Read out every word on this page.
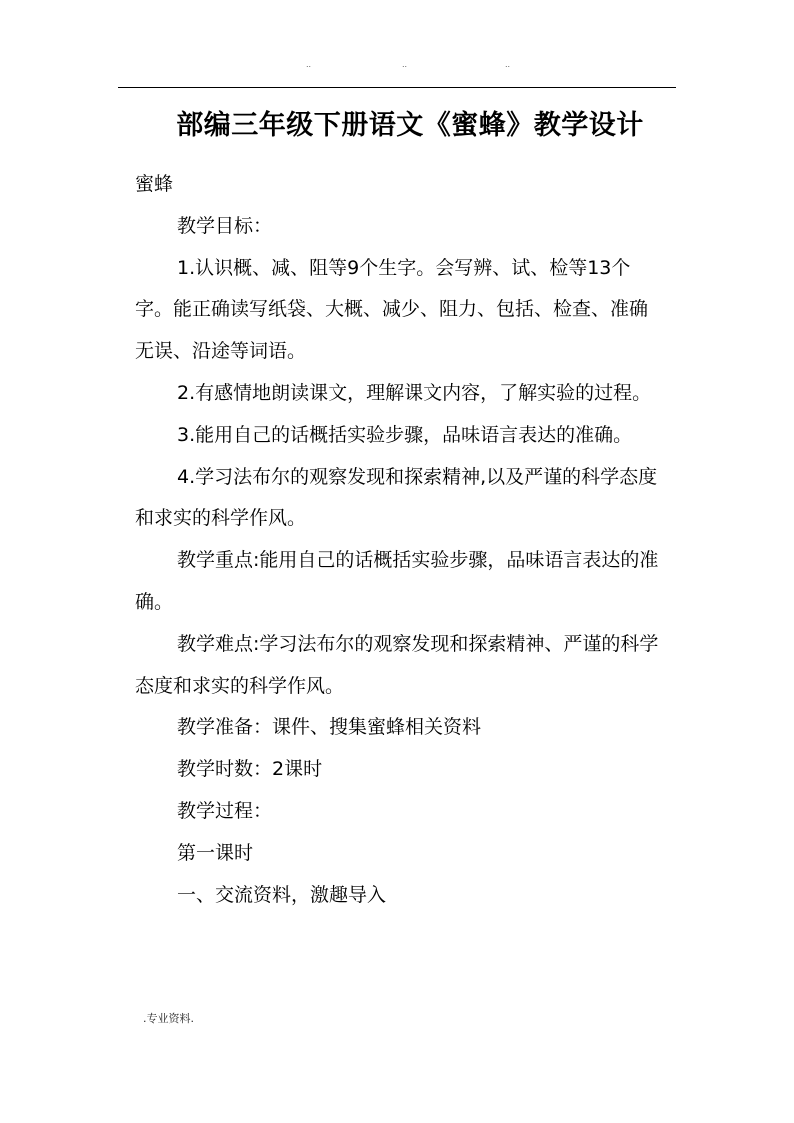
..	..	..
部编三年级下册语文《蜜蜂》教学设计

蜜蜂

教学目标：

1.认识概、减、阻等9个生字。会写辨、试、检等13个字。能正确读写纸袋、大概、减少、阻力、包括、检查、准确无误、沿途等词语。

2.有感情地朗读课文，理解课文内容，了解实验的过程。

3.能用自己的话概括实验步骤，品味语言表达的准确。

4.学习法布尔的观察发现和探索精神,以及严谨的科学态度和求实的科学作风。

教学重点:能用自己的话概括实验步骤，品味语言表达的准确。

教学难点:学习法布尔的观察发现和探索精神、严谨的科学态度和求实的科学作风。

教学准备：课件、搜集蜜蜂相关资料

教学时数：2课时

教学过程：

第一课时

一、交流资料，激趣导入

.专业资料.
